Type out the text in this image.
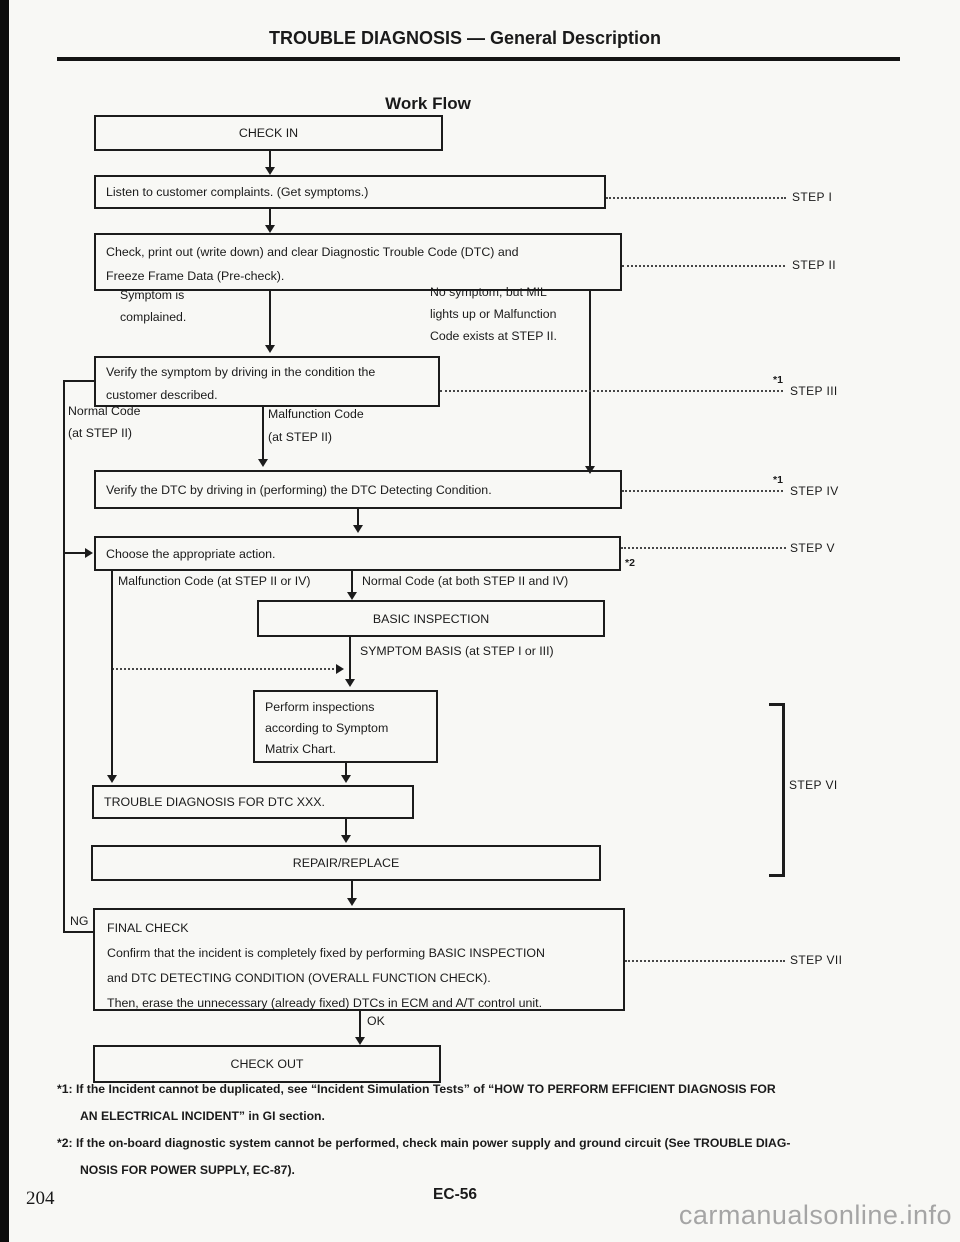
TROUBLE DIAGNOSIS — General Description
Work Flow
CHECK IN
Listen to customer complaints. (Get symptoms.)	STEP I
Check, print out (write down) and clear Diagnostic Trouble Code (DTC) and
Freeze Frame Data (Pre-check).
STEP II
Symptom is
complained.
No symptom, but MIL
lights up or Malfunction
Code exists at STEP II.
Verify the symptom by driving in the condition the
customer described.
*1
STEP III
Normal Code
(at STEP II)
Malfunction Code
(at STEP II)
Verify the DTC by driving in (performing) the DTC Detecting Condition.
*1
STEP IV
Choose the appropriate action.	STEP V
*2
Malfunction Code (at STEP II or IV)	Normal Code (at both STEP II and IV)
BASIC INSPECTION
SYMPTOM BASIS (at STEP I or III)
Perform inspections
according to Symptom
Matrix Chart.
TROUBLE DIAGNOSIS FOR DTC XXX.
REPAIR/REPLACE
STEP VI
FINAL CHECK
Confirm that the incident is completely fixed by performing BASIC INSPECTION
and DTC DETECTING CONDITION (OVERALL FUNCTION CHECK).
Then, erase the unnecessary (already fixed) DTCs in ECM and A/T control unit.
STEP VII
NG
OK
CHECK OUT
*1: If the Incident cannot be duplicated, see “Incident Simulation Tests” of “HOW TO PERFORM EFFICIENT DIAGNOSIS FOR
AN ELECTRICAL INCIDENT” in GI section.
*2: If the on-board diagnostic system cannot be performed, check main power supply and ground circuit (See TROUBLE DIAG-
NOSIS FOR POWER SUPPLY, EC-87).
204	EC-56
carmanualsonline.info
